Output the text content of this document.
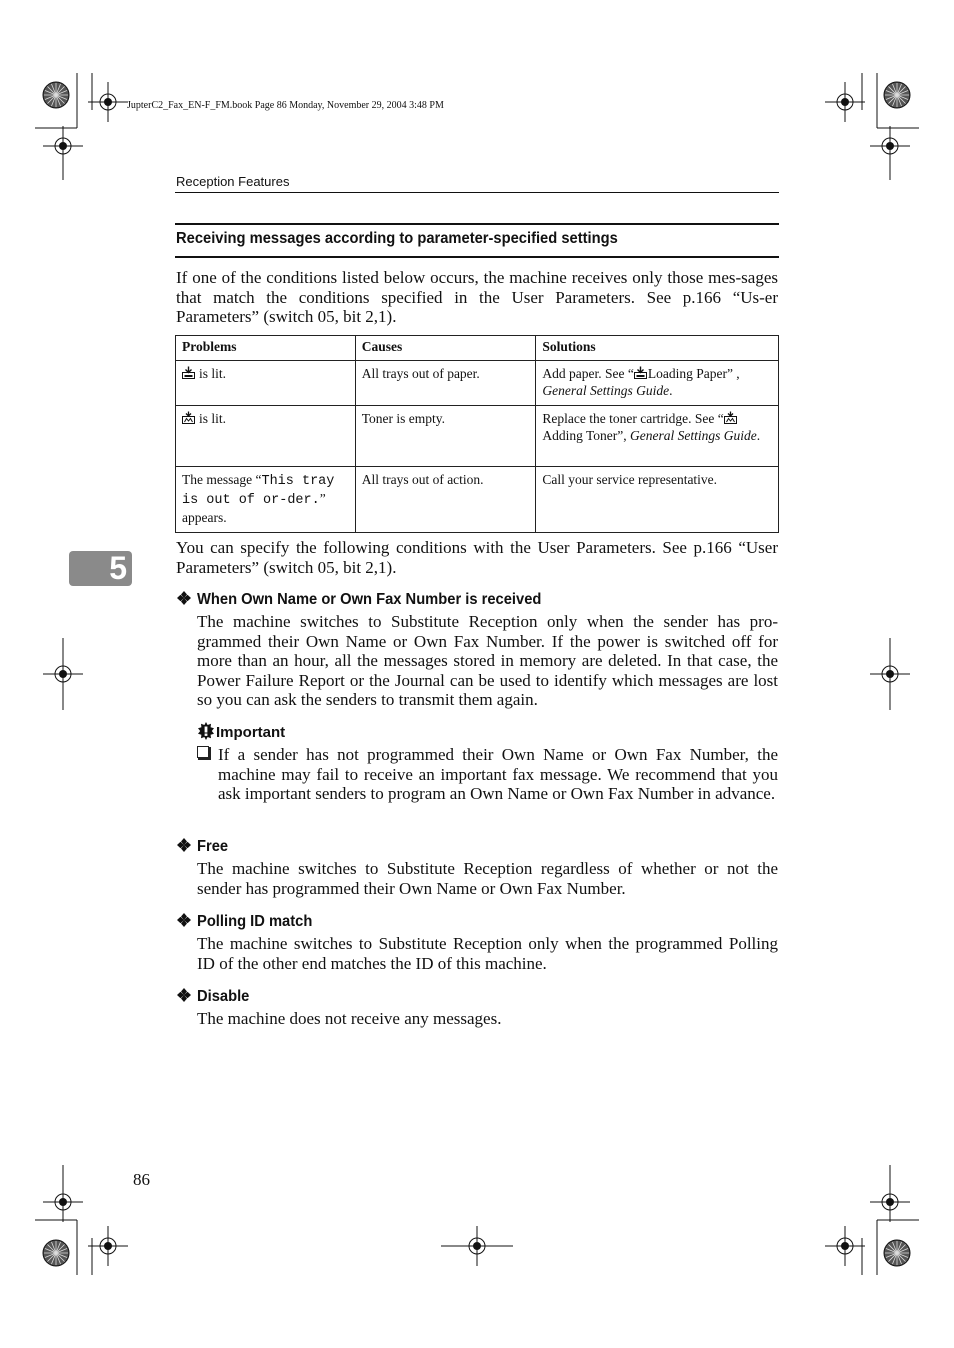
JupterC2_Fax_EN-F_FM.book Page 86 Monday, November 29, 2004 3:48 PM
Reception Features
Receiving messages according to parameter-specified settings
If one of the conditions listed below occurs, the machine receives only those mes-sages that match the conditions specified in the User Parameters. See p.166 “Us-er Parameters” (switch 05, bit 2,1).
Problems	Causes	Solutions
is lit.	All trays out of paper.	Add paper. See “ Loading Paper” ,
General Settings Guide.
is lit.	Toner is empty.	Replace the toner cartridge. See “Adding Toner”, General Settings Guide.
The message “This tray is out of or-der.” appears.	All trays out of action.	Call your service representative.
You can specify the following conditions with the User Parameters. See p.166 “User Parameters” (switch 05, bit 2,1).
5
When Own Name or Own Fax Number is received
The machine switches to Substitute Reception only when the sender has pro-grammed their Own Name or Own Fax Number. If the power is switched off for more than an hour, all the messages stored in memory are deleted. In that case, the Power Failure Report or the Journal can be used to identify which messages are lost so you can ask the senders to transmit them again.
Important
If a sender has not programmed their Own Name or Own Fax Number, the machine may fail to receive an important fax message. We recommend that you ask important senders to program an Own Name or Own Fax Number in advance.
Free
The machine switches to Substitute Reception regardless of whether or not the sender has programmed their Own Name or Own Fax Number.
Polling ID match
The machine switches to Substitute Reception only when the programmed Polling ID of the other end matches the ID of this machine.
Disable
The machine does not receive any messages.
86
